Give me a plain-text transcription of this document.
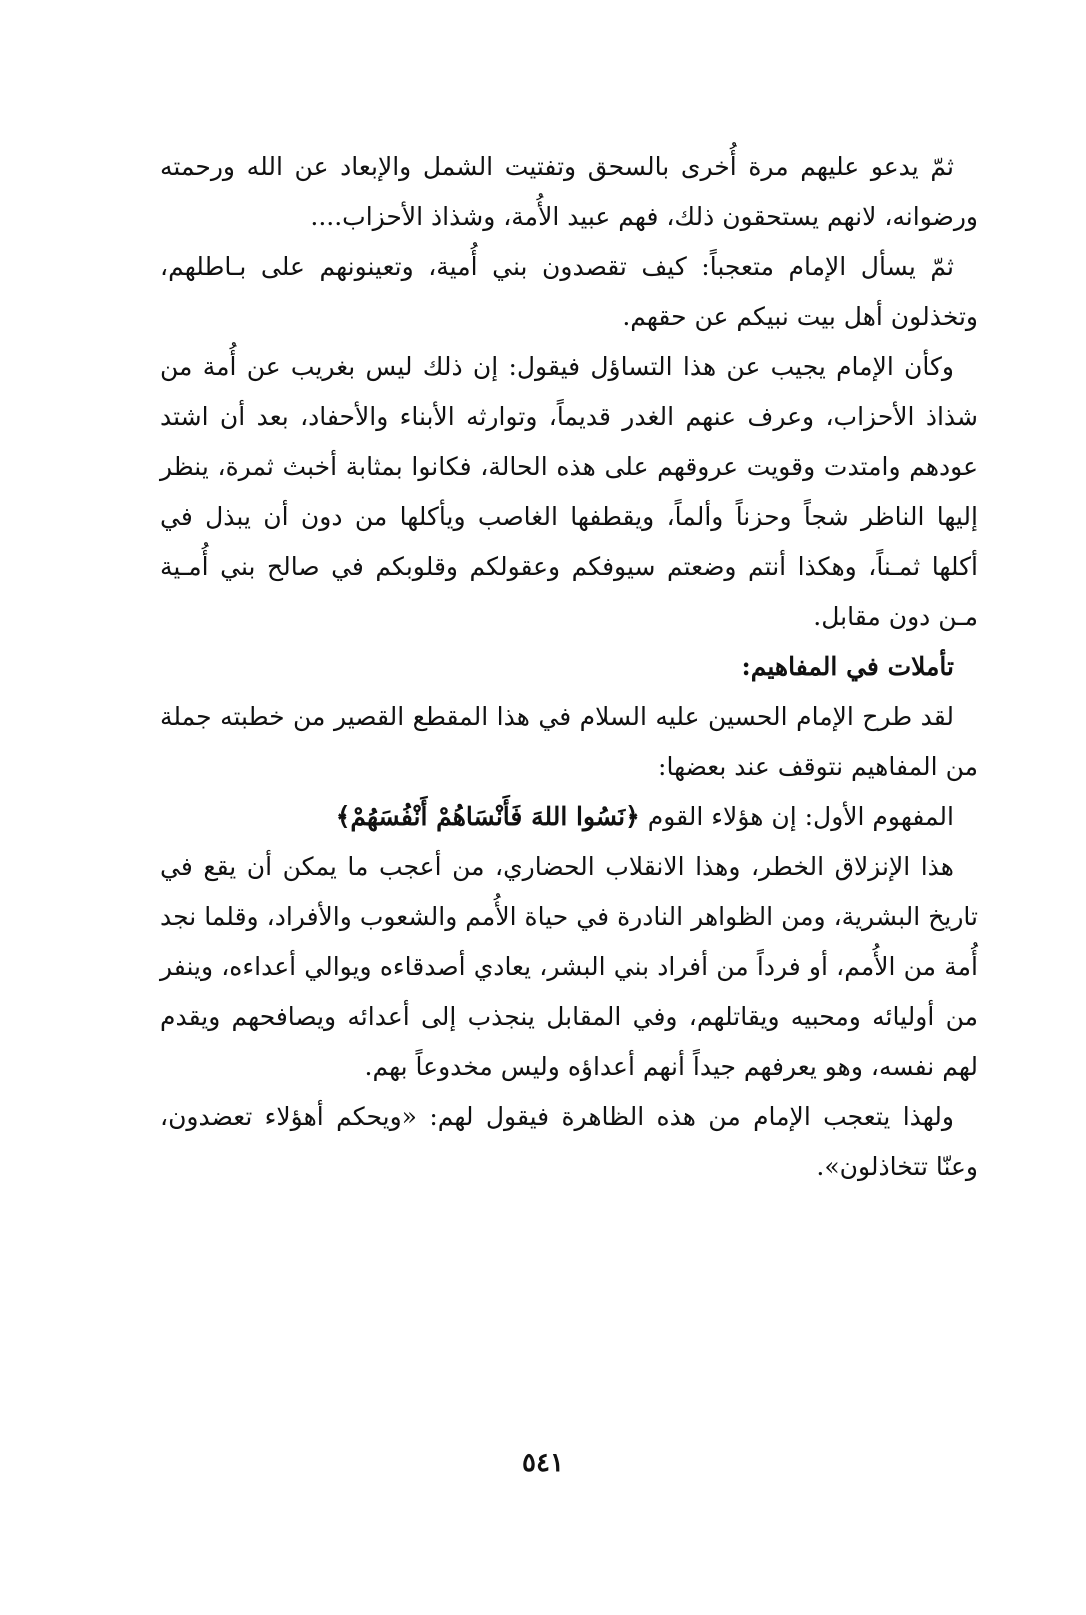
ثمّ يدعو عليهم مرة أُخرى بالسحق وتفتيت الشمل والإبعاد عن الله ورحمته ورضوانه، لانهم يستحقون ذلك، فهم عبيد الأُمة، وشذاذ الأحزاب....

ثمّ يسأل الإمام متعجباً: كيف تقصدون بني أُمية، وتعينونهم على بـاطلهم، وتخذلون أهل بيت نبيكم عن حقهم.

وكأن الإمام يجيب عن هذا التساؤل فيقول: إن ذلك ليس بغريب عن أُمة من شذاذ الأحزاب، وعرف عنهم الغدر قديماً، وتوارثه الأبناء والأحفاد، بعد أن اشتد عودهم وامتدت وقويت عروقهم على هذه الحالة، فكانوا بمثابة أخبث ثمرة، ينظر إليها الناظر شجاً وحزناً وألماً، ويقطفها الغاصب ويأكلها من دون أن يبذل في أكلها ثمـناً، وهكذا أنتم وضعتم سيوفكم وعقولكم وقلوبكم في صالح بني أُمـية مـن دون مقابل.

تأملات في المفاهيم:

لقد طرح الإمام الحسين عليه السلام في هذا المقطع القصير من خطبته جملة من المفاهيم نتوقف عند بعضها:

المفهوم الأول: إن هؤلاء القوم ﴿نَسُوا اللهَ فَأَنْسَاهُمْ أَنْفُسَهُمْ﴾

هذا الإنزلاق الخطر، وهذا الانقلاب الحضاري، من أعجب ما يمكن أن يقع في تاريخ البشرية، ومن الظواهر النادرة في حياة الأُمم والشعوب والأفراد، وقلما نجد أُمة من الأُمم، أو فرداً من أفراد بني البشر، يعادي أصدقاءه ويوالي أعداءه، وينفر من أوليائه ومحبيه ويقاتلهم، وفي المقابل ينجذب إلى أعدائه ويصافحهم ويقدم لهم نفسه، وهو يعرفهم جيداً أنهم أعداؤه وليس مخدوعاً بهم.

ولهذا يتعجب الإمام من هذه الظاهرة فيقول لهم: «ويحكم أهؤلاء تعضدون، وعنّا تتخاذلون».

٥٤١
